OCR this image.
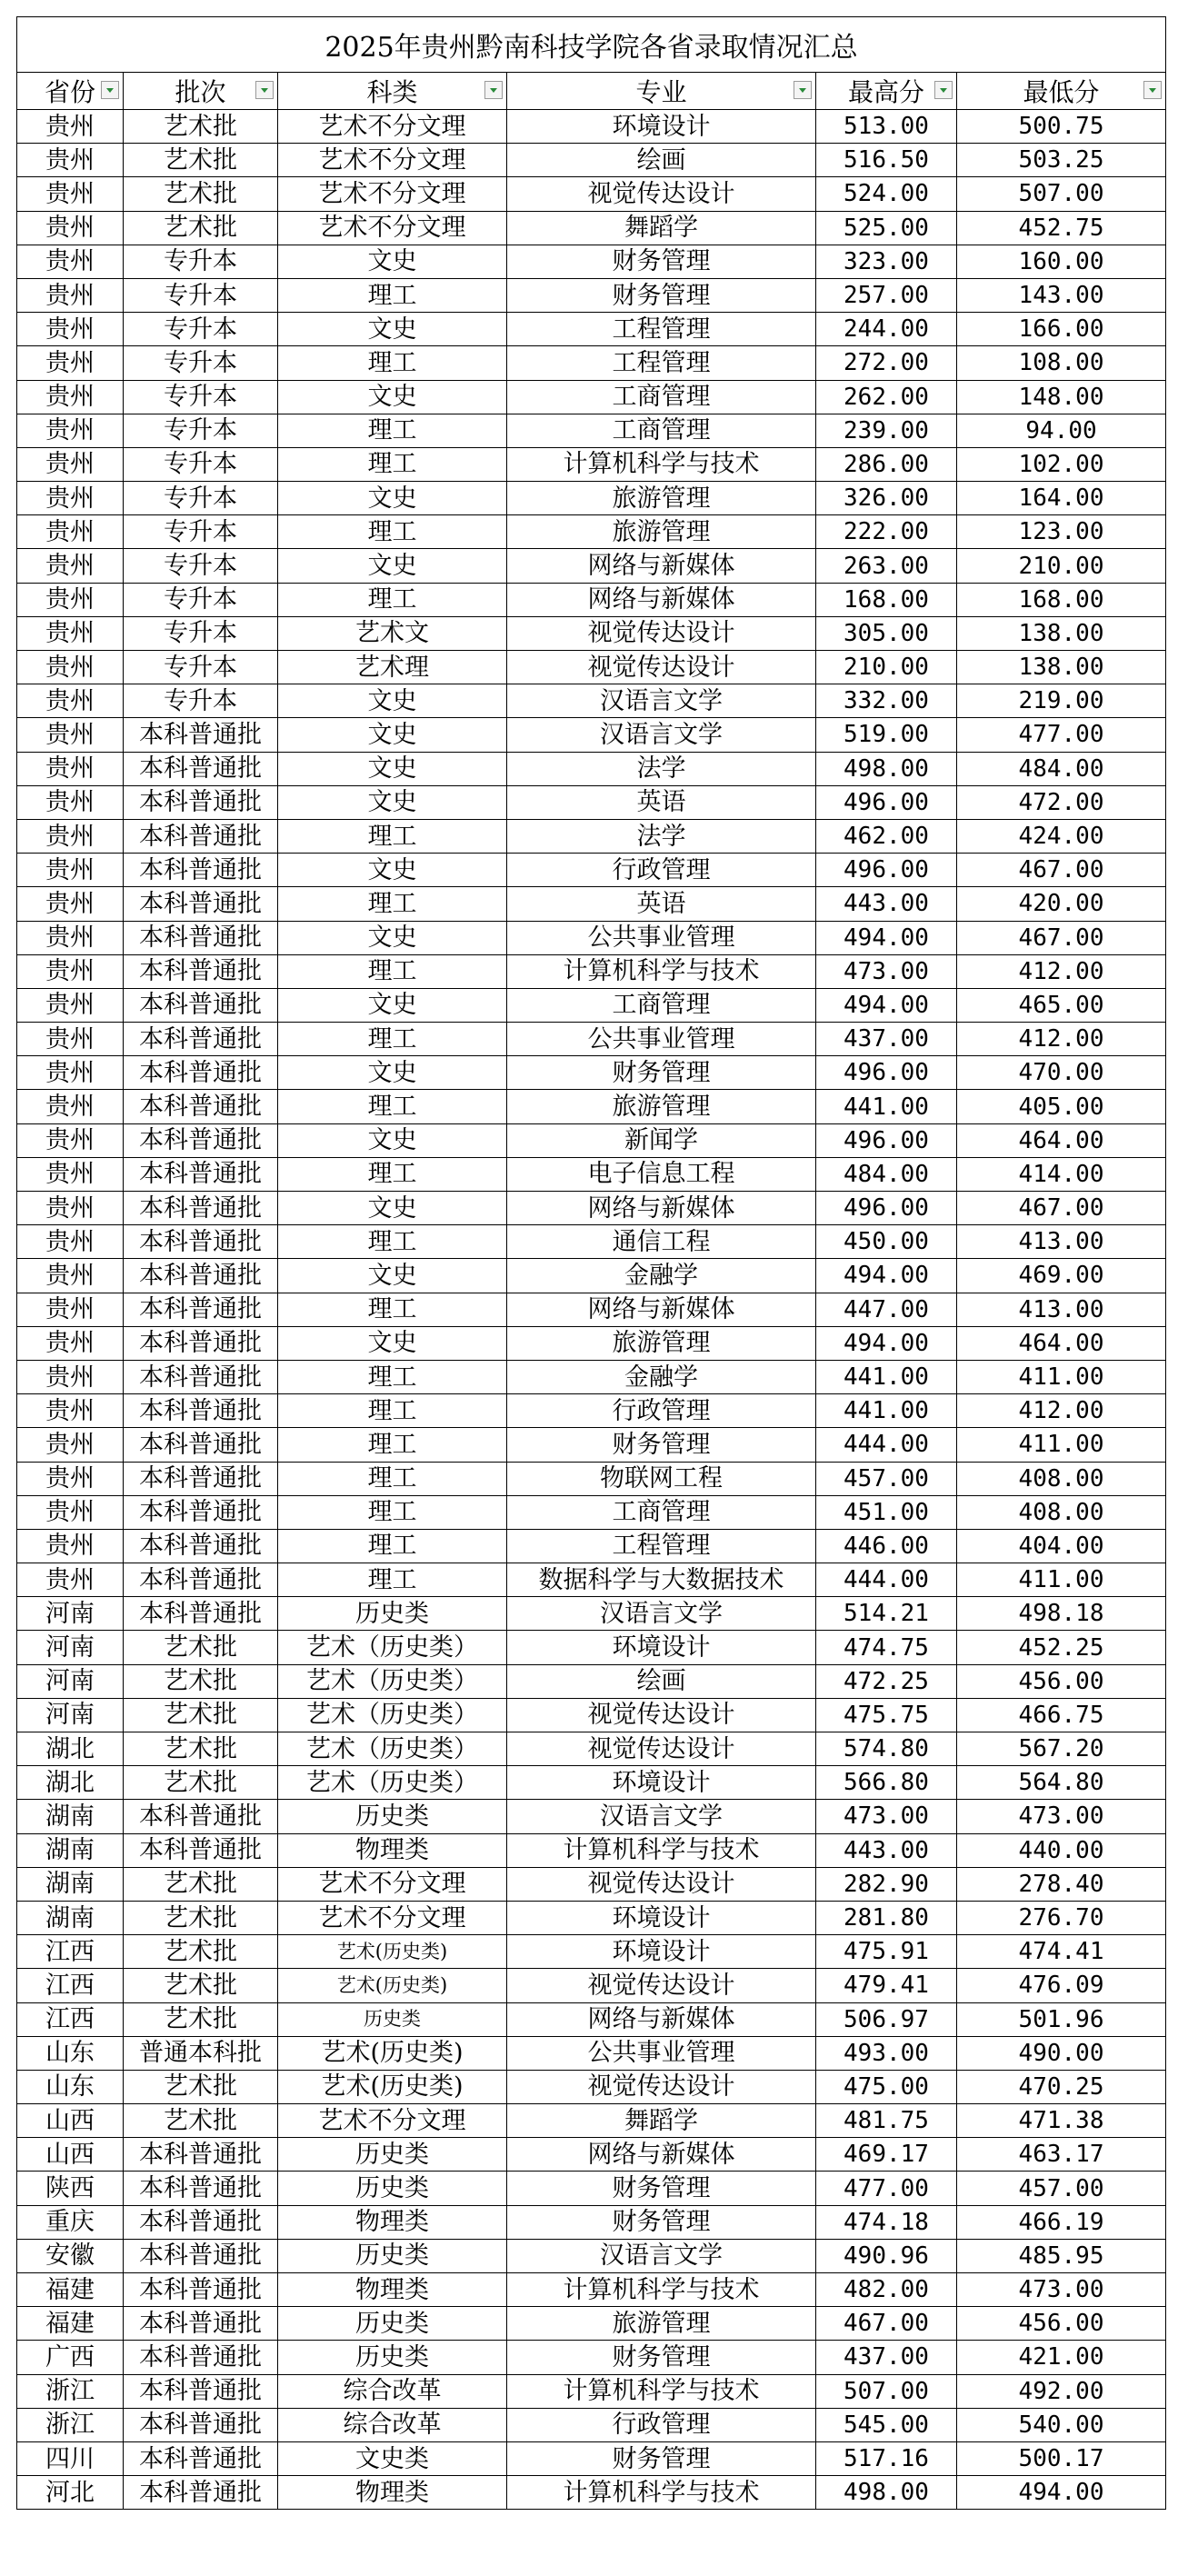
2025年贵州黔南科技学院各省录取情况汇总					
省份	批次	科类	专业	最高分	最低分

贵州	艺术批	艺术不分文理	环境设计	513.00	500.75
贵州	艺术批	艺术不分文理	绘画	516.50	503.25
贵州	艺术批	艺术不分文理	视觉传达设计	524.00	507.00
贵州	艺术批	艺术不分文理	舞蹈学	525.00	452.75
贵州	专升本	文史	财务管理	323.00	160.00
贵州	专升本	理工	财务管理	257.00	143.00
贵州	专升本	文史	工程管理	244.00	166.00
贵州	专升本	理工	工程管理	272.00	108.00
贵州	专升本	文史	工商管理	262.00	148.00
贵州	专升本	理工	工商管理	239.00	94.00
贵州	专升本	理工	计算机科学与技术	286.00	102.00
贵州	专升本	文史	旅游管理	326.00	164.00
贵州	专升本	理工	旅游管理	222.00	123.00
贵州	专升本	文史	网络与新媒体	263.00	210.00
贵州	专升本	理工	网络与新媒体	168.00	168.00
贵州	专升本	艺术文	视觉传达设计	305.00	138.00
贵州	专升本	艺术理	视觉传达设计	210.00	138.00
贵州	专升本	文史	汉语言文学	332.00	219.00
贵州	本科普通批	文史	汉语言文学	519.00	477.00
贵州	本科普通批	文史	法学	498.00	484.00
贵州	本科普通批	文史	英语	496.00	472.00
贵州	本科普通批	理工	法学	462.00	424.00
贵州	本科普通批	文史	行政管理	496.00	467.00
贵州	本科普通批	理工	英语	443.00	420.00
贵州	本科普通批	文史	公共事业管理	494.00	467.00
贵州	本科普通批	理工	计算机科学与技术	473.00	412.00
贵州	本科普通批	文史	工商管理	494.00	465.00
贵州	本科普通批	理工	公共事业管理	437.00	412.00
贵州	本科普通批	文史	财务管理	496.00	470.00
贵州	本科普通批	理工	旅游管理	441.00	405.00
贵州	本科普通批	文史	新闻学	496.00	464.00
贵州	本科普通批	理工	电子信息工程	484.00	414.00
贵州	本科普通批	文史	网络与新媒体	496.00	467.00
贵州	本科普通批	理工	通信工程	450.00	413.00
贵州	本科普通批	文史	金融学	494.00	469.00
贵州	本科普通批	理工	网络与新媒体	447.00	413.00
贵州	本科普通批	文史	旅游管理	494.00	464.00
贵州	本科普通批	理工	金融学	441.00	411.00
贵州	本科普通批	理工	行政管理	441.00	412.00
贵州	本科普通批	理工	财务管理	444.00	411.00
贵州	本科普通批	理工	物联网工程	457.00	408.00
贵州	本科普通批	理工	工商管理	451.00	408.00
贵州	本科普通批	理工	工程管理	446.00	404.00
贵州	本科普通批	理工	数据科学与大数据技术	444.00	411.00
河南	本科普通批	历史类	汉语言文学	514.21	498.18
河南	艺术批	艺术（历史类）	环境设计	474.75	452.25
河南	艺术批	艺术（历史类）	绘画	472.25	456.00
河南	艺术批	艺术（历史类）	视觉传达设计	475.75	466.75
湖北	艺术批	艺术（历史类）	视觉传达设计	574.80	567.20
湖北	艺术批	艺术（历史类）	环境设计	566.80	564.80
湖南	本科普通批	历史类	汉语言文学	473.00	473.00
湖南	本科普通批	物理类	计算机科学与技术	443.00	440.00
湖南	艺术批	艺术不分文理	视觉传达设计	282.90	278.40
湖南	艺术批	艺术不分文理	环境设计	281.80	276.70
江西	艺术批	艺术(历史类)	环境设计	475.91	474.41
江西	艺术批	艺术(历史类)	视觉传达设计	479.41	476.09
江西	艺术批	历史类	网络与新媒体	506.97	501.96
山东	普通本科批	艺术(历史类)	公共事业管理	493.00	490.00
山东	艺术批	艺术(历史类)	视觉传达设计	475.00	470.25
山西	艺术批	艺术不分文理	舞蹈学	481.75	471.38
山西	本科普通批	历史类	网络与新媒体	469.17	463.17
陕西	本科普通批	历史类	财务管理	477.00	457.00
重庆	本科普通批	物理类	财务管理	474.18	466.19
安徽	本科普通批	历史类	汉语言文学	490.96	485.95
福建	本科普通批	物理类	计算机科学与技术	482.00	473.00
福建	本科普通批	历史类	旅游管理	467.00	456.00
广西	本科普通批	历史类	财务管理	437.00	421.00
浙江	本科普通批	综合改革	计算机科学与技术	507.00	492.00
浙江	本科普通批	综合改革	行政管理	545.00	540.00
四川	本科普通批	文史类	财务管理	517.16	500.17
河北	本科普通批	物理类	计算机科学与技术	498.00	494.00
